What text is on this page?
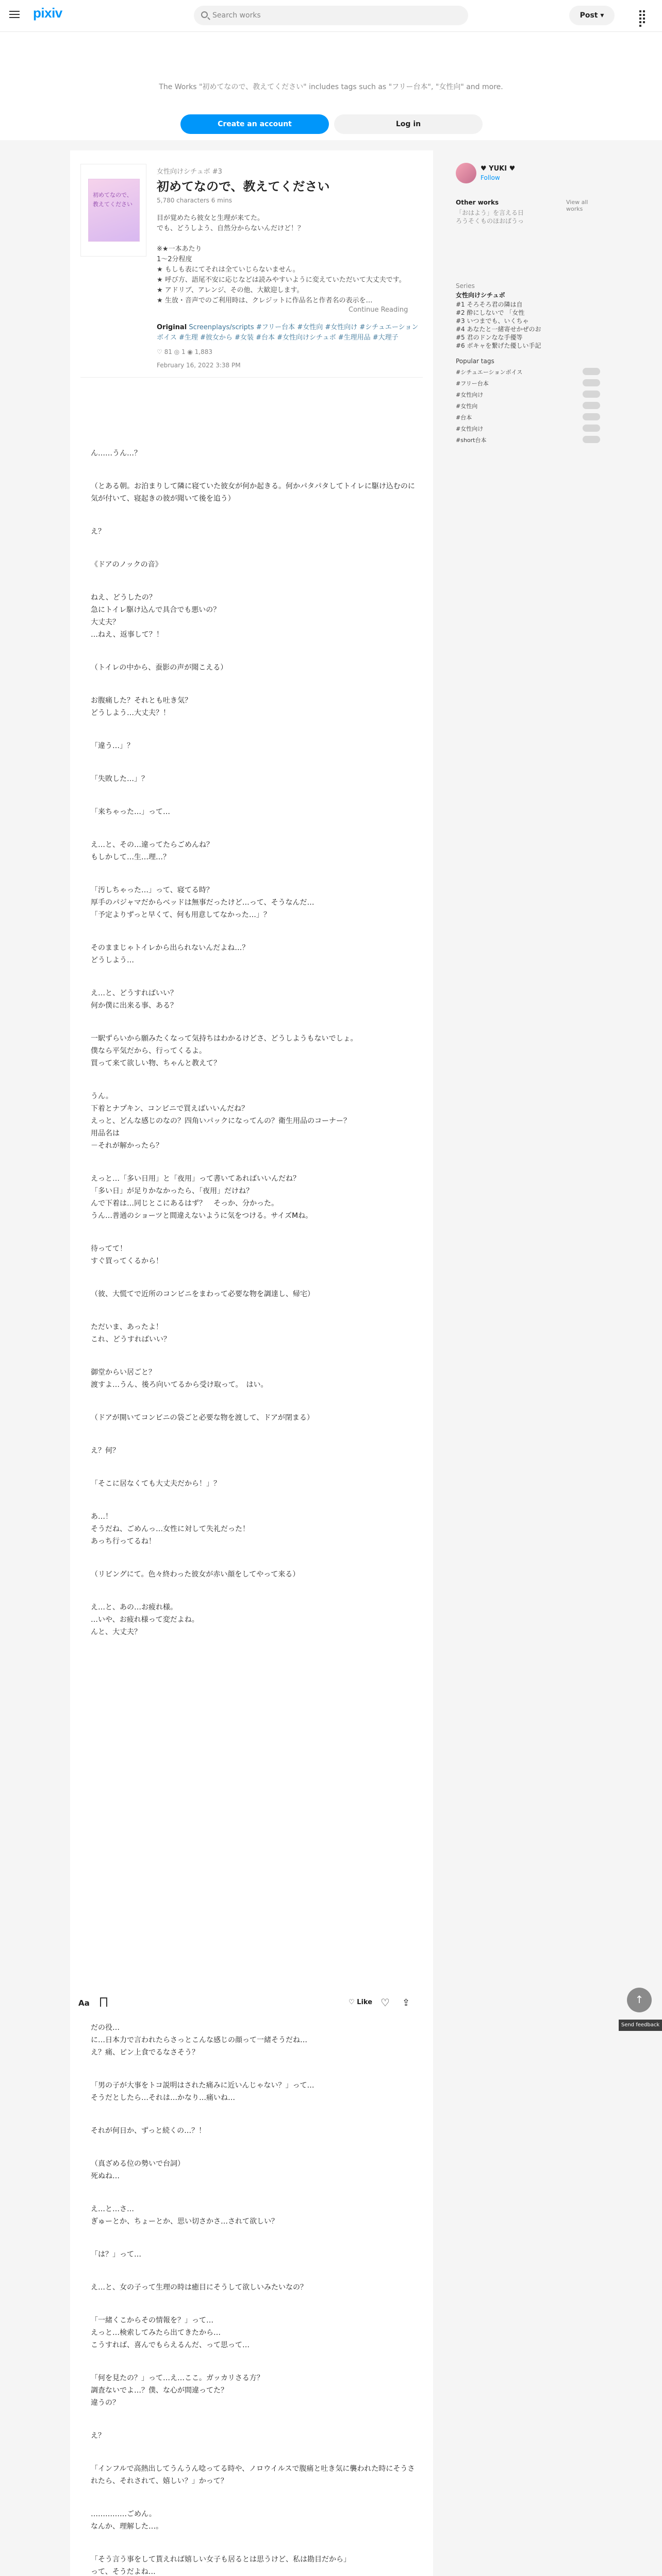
pixiv	Search works	Post ▾

The Works "初めてなので、教えてください" includes tags such as "フリー台本", "女性向" and more.

Create an account	Log in
初めてなので、教えてください
女性向けシチュボ #3
初めてなので、教えてください
5,780 characters 6 mins

目が覚めたら彼女と生理が来てた。

でも、どうしよう、自然分からないんだけど！？

※★一本あたり

1～2分程度

★ もしも表にてそれは全ていじらないません。

★ 呼び方、語尾不安に応じなどは読みやすいように変えていただいて大丈夫です。

★ アドリブ、アレンジ、その他、大歓迎します。

★ 生放・音声でのご利用時は、クレジットに作品名と作者名の表示を…

Continue Reading
Original Screenplays/scripts #フリー台本 #女性向 #女性向け #シチュエーションボイス #生理 #彼女から #女装 #台本 #女性向けシチュボ #生理用品 #大理子
♡ 81 ◎ 1 ◉ 1,883
February 16, 2022 3:38 PM

ん……うん…？

（とある朝。お泊まりして隣に寝ていた彼女が何か起きる。何かパタパタしてトイレに駆け込むのに気が付いて、寝起きの彼が聞いて後を追う）

え？

《ドアのノックの音》

ねえ、どうしたの？
急にトイレ駆け込んで具合でも悪いの？
大丈夫？
…ねえ、返事して？！

（トイレの中から、蚕影の声が聞こえる）

お腹痛した？それとも吐き気？
どうしよう…大丈夫？！

「違う…」？

「失敗した…」？

「来ちゃった…」って…

え…と、その…違ってたらごめんね？
もしかして…生…理…？

「汚しちゃった…」って、寝てる時？
厚手のパジャマだからベッドは無事だったけど…って、そうなんだ…
「予定よりずっと早くて、何も用意してなかった…」？

そのままじゃトイレから出られないんだよね…？
どうしよう…

え…と、どうすればいい？
何か僕に出来る事、ある？

一駅ずらいから願みたくなって気持ちはわかるけどさ、どうしようもないでしょ。
僕なら平気だから、行ってくるよ。
買って来て欲しい物、ちゃんと教えて？

うん。
下着とナプキン、コンビニで買えばいいんだね？
えっと、どんな感じのなの？四角いパックになってんの？衛生用品のコーナー？
用品名は
－それが解かったら？

えっと…「多い日用」と「夜用」って書いてあればいいんだね？
「多い日」が足りかなかったら、「夜用」だけね？
んで下着は…同じとこにあるはず？　そっか、分かった。
うん…普通のショーツと間違えないように気をつける。サイズMね。

待ってて！
すぐ買ってくるから！

（彼、大慌てで近所のコンビニをまわって必要な物を調達し、帰宅）

ただいま、あったよ！
これ、どうすればいい？

御堂からい居ごと？
渡すよ…うん、後ろ向いてるから受け取って。　はい。

（ドアが開いてコンビニの袋ごと必要な物を渡して、ドアが閉まる）

え？何？

「そこに居なくても大丈夫だから！」？

あ…！
そうだね、ごめんっ…女性に対して失礼だった！
あっち行ってるね！

（リビングにて。色々終わった彼女が赤い顔をしてやって来る）

え…と、あの…お疲れ様。
…いや、お疲れ様って変だよね。
んと、大丈夫？

Aa	♡ Like ♡ ⇪

だの役…
に…日本力で言われたらさっとこんな感じの顔って一緒そうだね…
え？痛、ピン上食でるなさそう？

「男の子が大事をトコ説明はされた痛みに近いんじゃない？」って…
そうだとしたら…それは…かなり…痛いね…

それが何日か、ずっと続くの…？！

（真ざめる位の勢いで台詞）
死ぬね…

え…と…さ…
ぎゅーとか、ちょーとか、思い切さかさ…されて欲しい？

「は？」って…

え…と、女の子って生理の時は癒目にそうして欲しいみたいなの？

「一緒くこからその情報を？」って…
えっと…検索してみたら出てきたから…
こうすれば、喜んでもらえるんだ、って思って…

「何を見たの？」って…え…ここ。ガッカリさる方？
調査ないでよ…？僕、な心が間違ってた？
違うの？

え？

「インフルで高熱出してうんうん唸ってる時や、ノロウイルスで腹痛と吐き気に襲われた時にそうされたら、それされて、嬉しい？」かって？

……………ごめん。
なんか、理解した…。

「そう言う事をして貰えれば嬉しい女子も居るとは思うけど、私は勘目だから」
って、そうだよね…

♥ YUKI ♥
Follow
Other works	View all works
「おはよう」を言える日
ろうそくものほおばうっ
Series
女性向けシチュボ
#1 そろそろ君の隣は自
#2 酔にしないで 「女性
#3 いつまでも、いくちゃ
#4 あなたと一緒寄せかぜのお
#5 君のドンなな手優等
#6 ボキャを繋げた優しい手記
Popular tags
#シチュエーションボイス
#フリー台本
#女性向け
#女性向
#台本
#女性向け
#short台本
↑
Send feedback
